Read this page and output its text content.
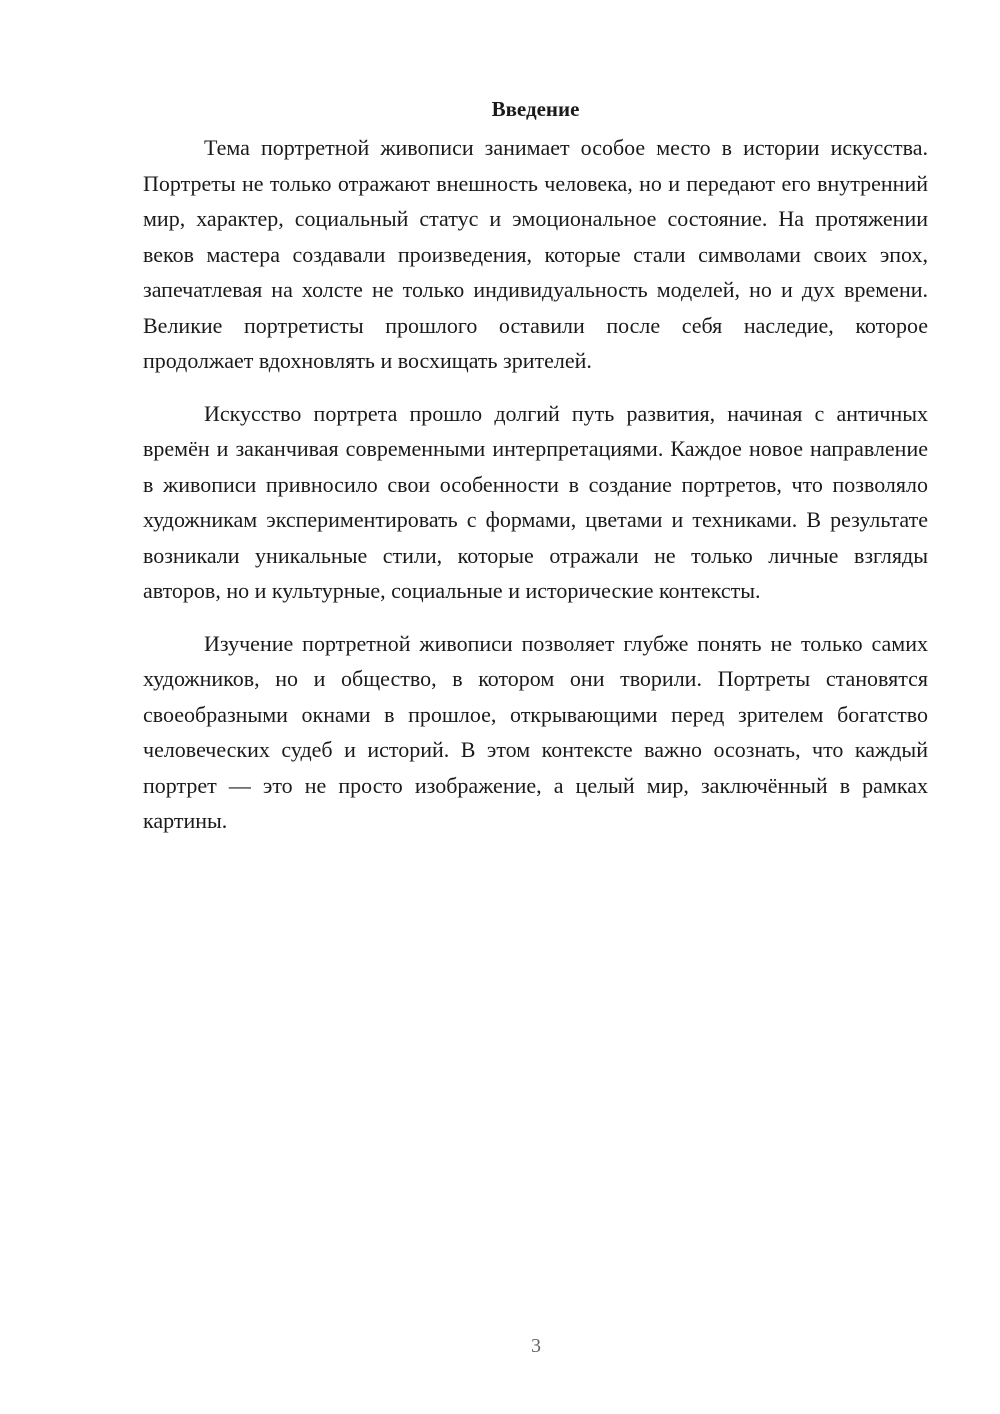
Введение

Тема портретной живописи занимает особое место в истории искусства. Портреты не только отражают внешность человека, но и передают его внутренний мир, характер, социальный статус и эмоциональное состояние. На протяжении веков мастера создавали произведения, которые стали символами своих эпох, запечатлевая на холсте не только индивидуальность моделей, но и дух времени. Великие портретисты прошлого оставили после себя наследие, которое продолжает вдохновлять и восхищать зрителей.

Искусство портрета прошло долгий путь развития, начиная с античных времён и заканчивая современными интерпретациями. Каждое новое направление в живописи привносило свои особенности в создание портретов, что позволяло художникам экспериментировать с формами, цветами и техниками. В результате возникали уникальные стили, которые отражали не только личные взгляды авторов, но и культурные, социальные и исторические контексты.

Изучение портретной живописи позволяет глубже понять не только самих художников, но и общество, в котором они творили. Портреты становятся своеобразными окнами в прошлое, открывающими перед зрителем богатство человеческих судеб и историй. В этом контексте важно осознать, что каждый портрет — это не просто изображение, а целый мир, заключённый в рамках картины.

3
